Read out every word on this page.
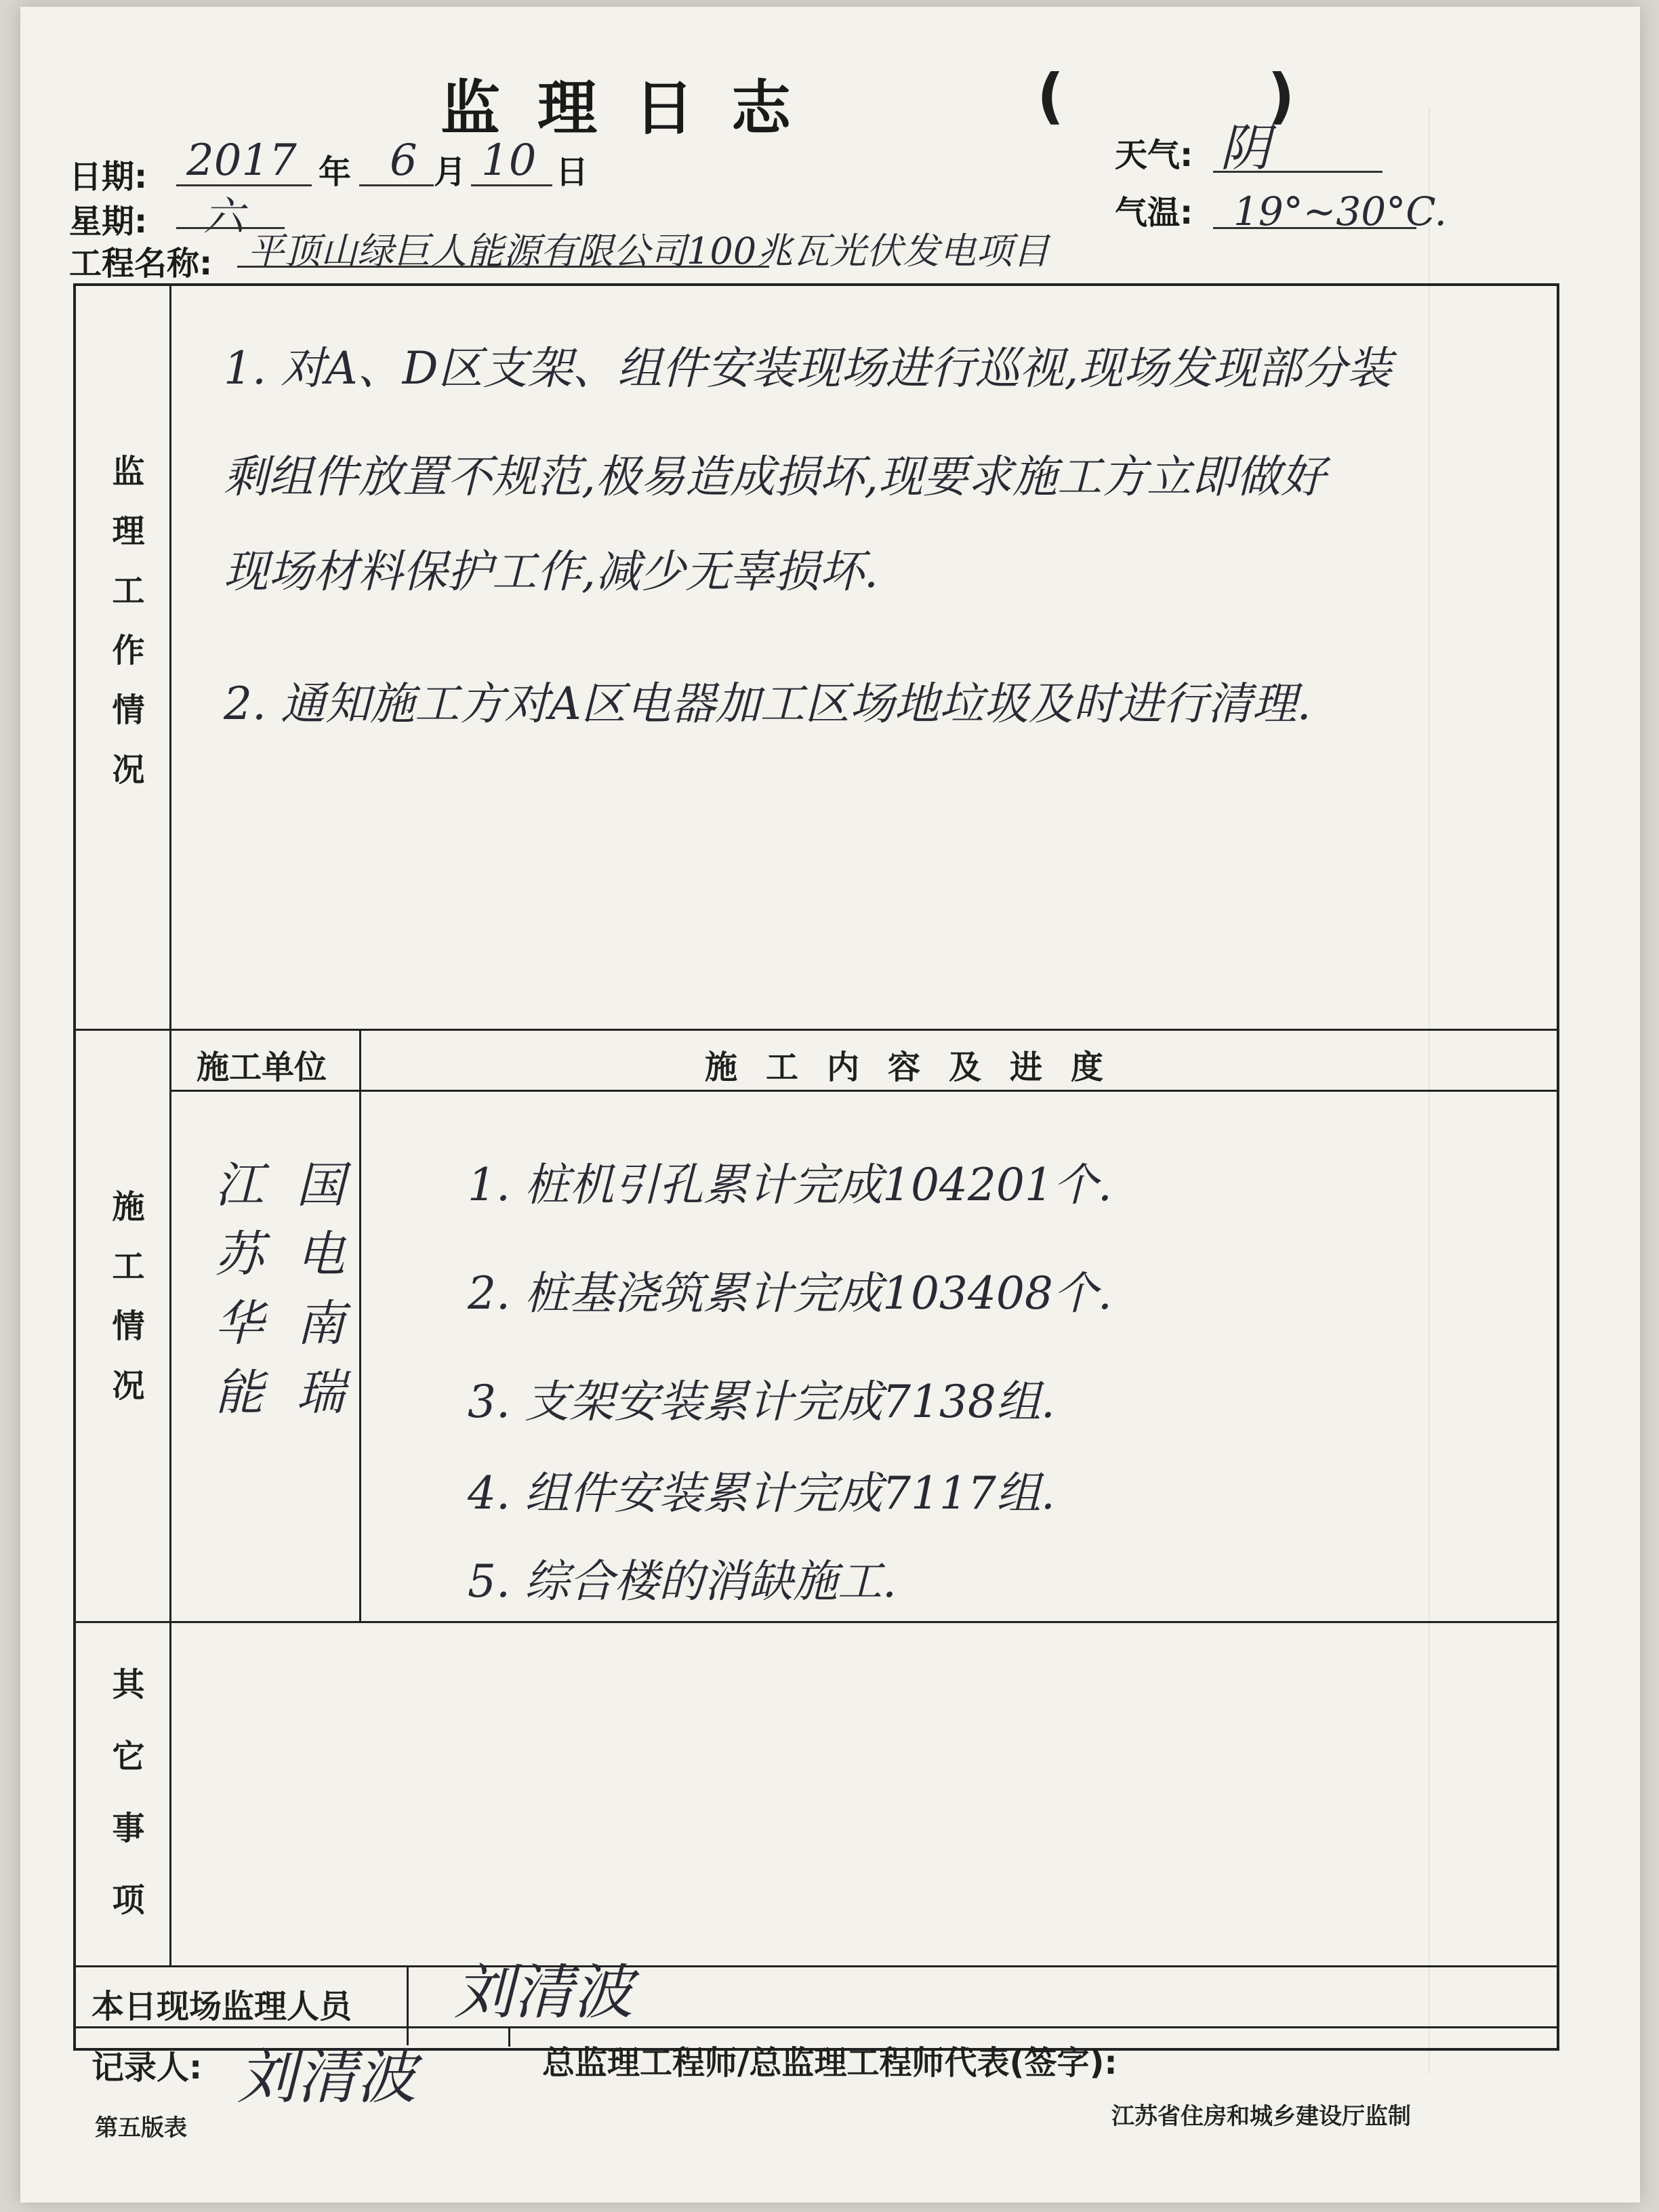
监理日志	(	)
日期: 2017 年 6 月 10 日	天气: 阴
星期: 六	气温: 19°~30°C.
工程名称: 平顶山绿巨人能源有限公司100兆瓦光伏发电项目
监理工作情况
1. 对A、D区支架、组件安装现场进行巡视,现场发现部分装
剩组件放置不规范,极易造成损坏,现要求施工方立即做好
现场材料保护工作,减少无辜损坏.
2. 通知施工方对A区电器加工区场地垃圾及时进行清理.
施工情况
施工单位	施工内容及进度
江苏华能 国电南瑞	1. 桩机引孔累计完成104201个.
2. 桩基浇筑累计完成103408个.
3. 支架安装累计完成7138组.
4. 组件安装累计完成7117组.
5. 综合楼的消缺施工.
其它事项
本日现场监理人员 刘清波
记录人: 刘清波	总监理工程师/总监理工程师代表(签字):
第五版表	江苏省住房和城乡建设厅监制
